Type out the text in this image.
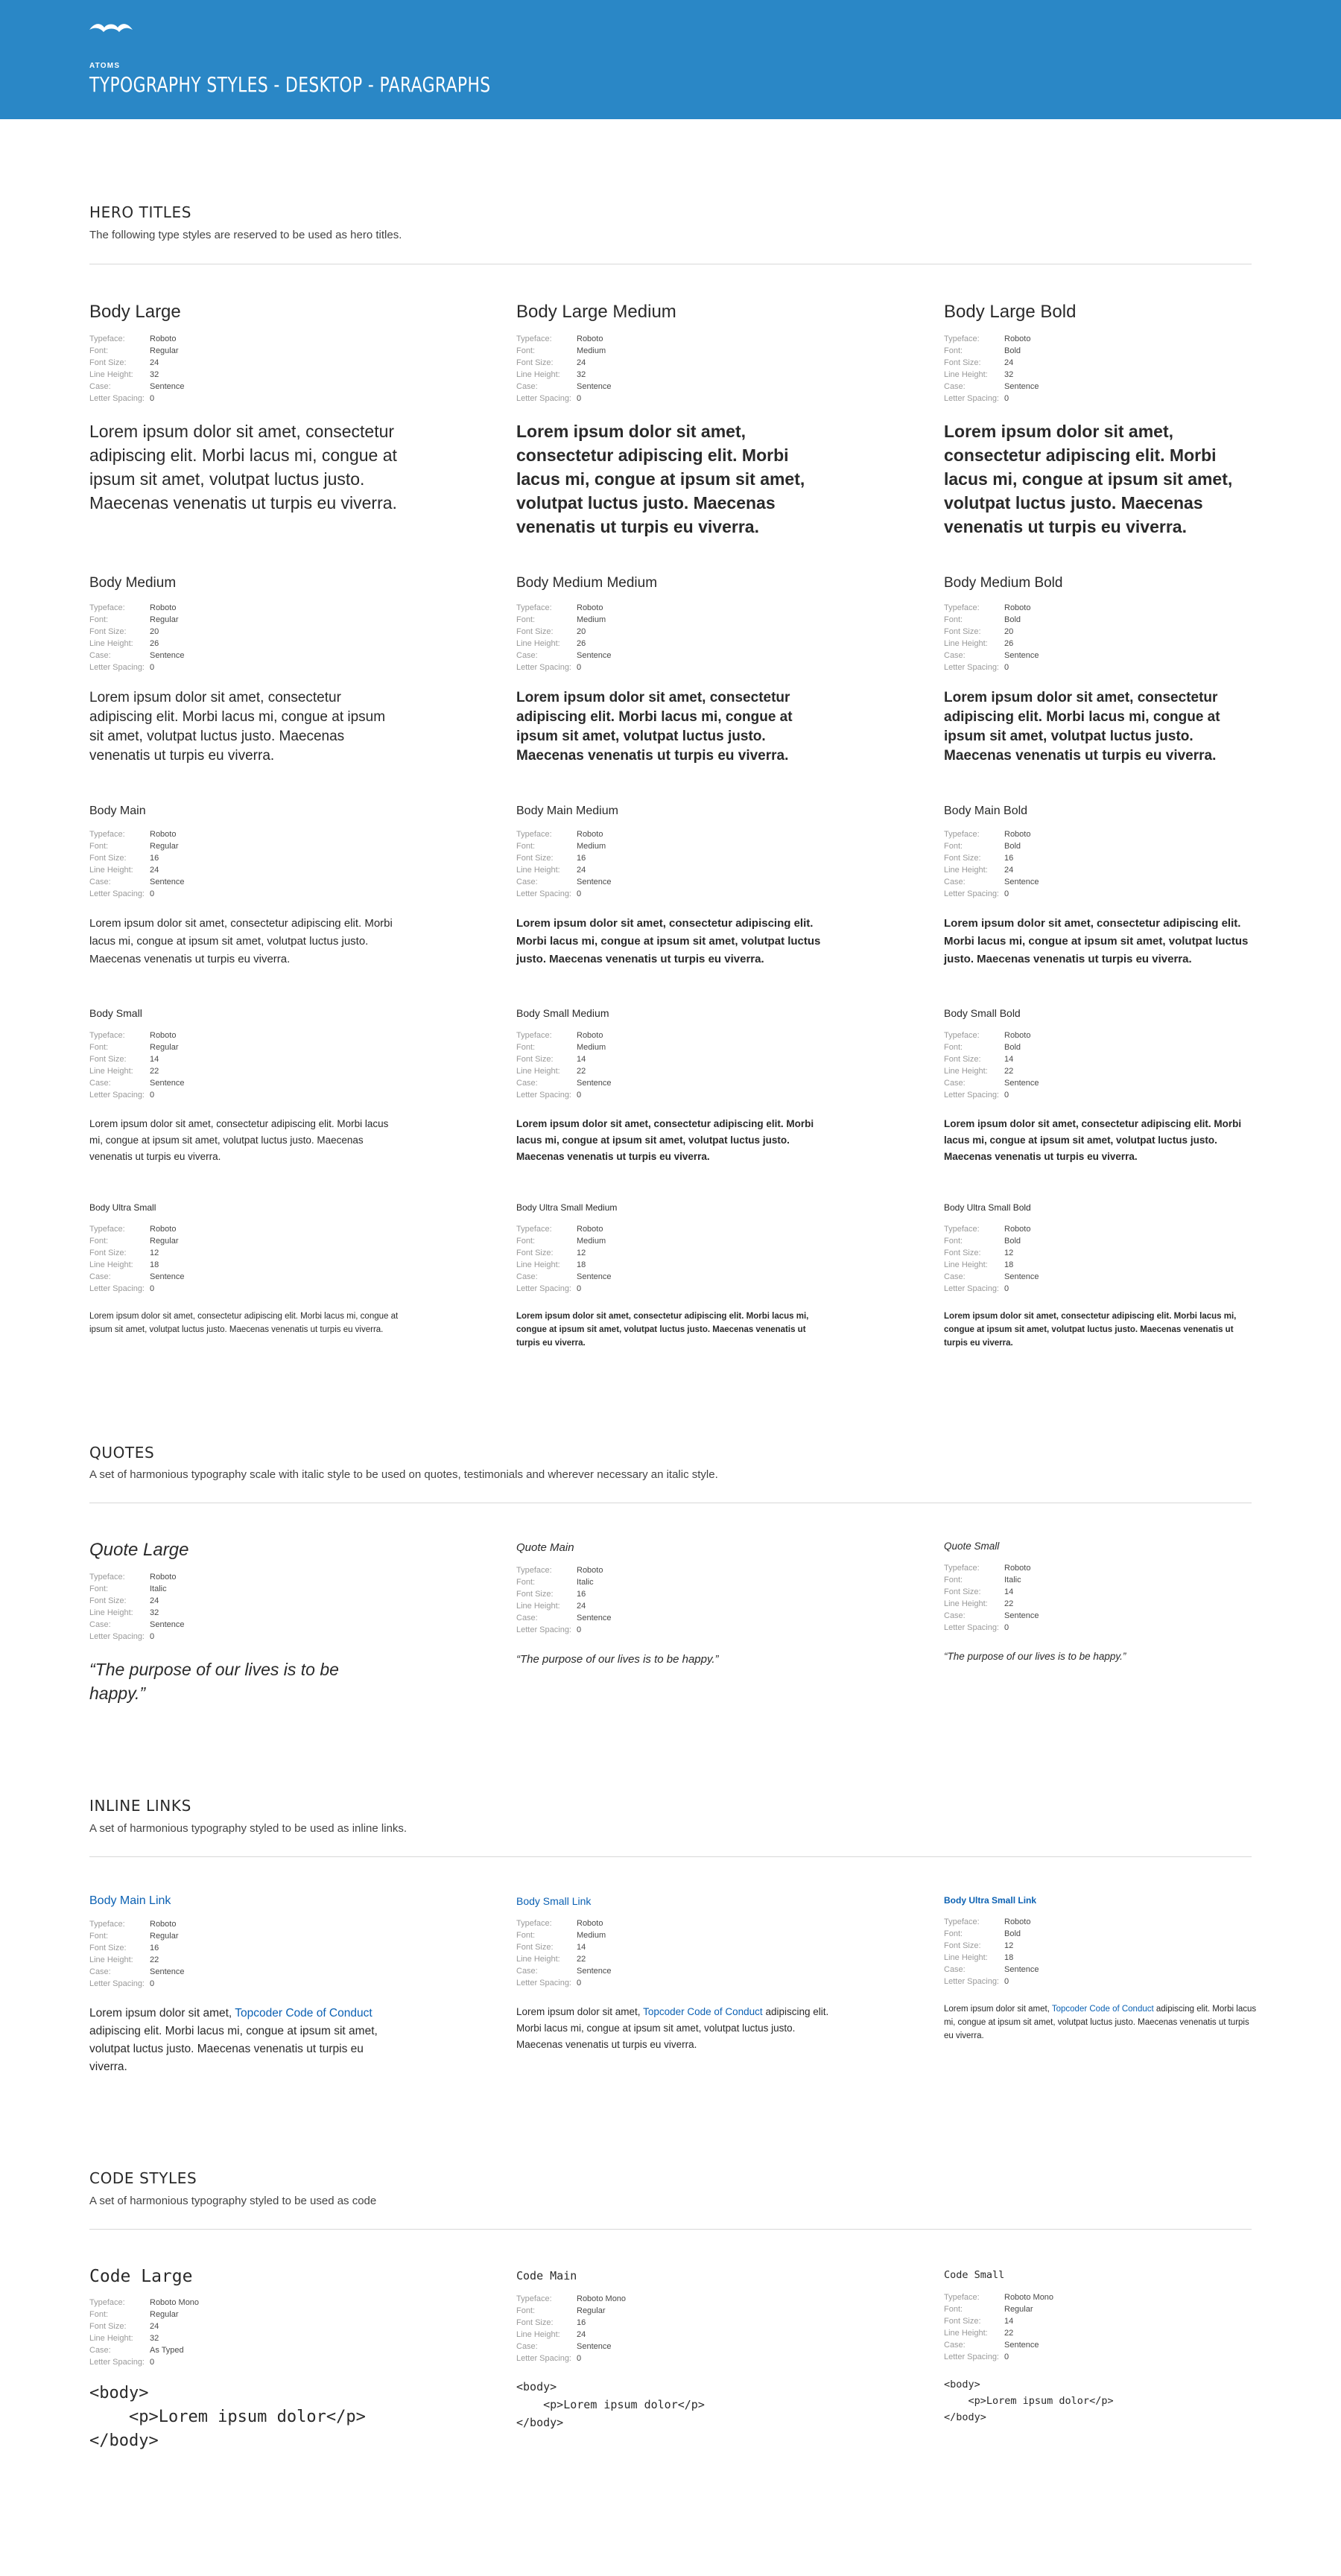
ATOMS
TYPOGRAPHY STYLES - DESKTOP - PARAGRAPHS
HERO TITLES
The following type styles are reserved to be used as hero titles.
Body Large
Typeface:	Roboto
Font:	Regular
Font Size:	24
Line Height:	32
Case:	Sentence
Letter Spacing: 0
Lorem ipsum dolor sit amet, consectetur adipiscing elit. Morbi lacus mi, congue at ipsum sit amet, volutpat luctus justo. Maecenas venenatis ut turpis eu viverra.
Body Large Medium
Typeface:	Roboto
Font:	Medium
Font Size:	24
Line Height:	32
Case:	Sentence
Letter Spacing: 0
Lorem ipsum dolor sit amet, consectetur adipiscing elit. Morbi lacus mi, congue at ipsum sit amet, volutpat luctus justo. Maecenas venenatis ut turpis eu viverra.
Body Large Bold
Typeface:	Roboto
Font:	Bold
Font Size:	24
Line Height:	32
Case:	Sentence
Letter Spacing: 0
Lorem ipsum dolor sit amet, consectetur adipiscing elit. Morbi lacus mi, congue at ipsum sit amet, volutpat luctus justo. Maecenas venenatis ut turpis eu viverra.
Body Medium
Typeface:	Roboto
Font:	Regular
Font Size:	20
Line Height:	26
Case:	Sentence
Letter Spacing: 0
Lorem ipsum dolor sit amet, consectetur adipiscing elit. Morbi lacus mi, congue at ipsum sit amet, volutpat luctus justo. Maecenas venenatis ut turpis eu viverra.
Body Medium Medium
Typeface:	Roboto
Font:	Medium
Font Size:	20
Line Height:	26
Case:	Sentence
Letter Spacing: 0
Lorem ipsum dolor sit amet, consectetur adipiscing elit. Morbi lacus mi, congue at ipsum sit amet, volutpat luctus justo. Maecenas venenatis ut turpis eu viverra.
Body Medium Bold
Typeface:	Roboto
Font:	Bold
Font Size:	20
Line Height:	26
Case:	Sentence
Letter Spacing: 0
Lorem ipsum dolor sit amet, consectetur adipiscing elit. Morbi lacus mi, congue at ipsum sit amet, volutpat luctus justo. Maecenas venenatis ut turpis eu viverra.
Body Main
Typeface:	Roboto
Font:	Regular
Font Size:	16
Line Height:	24
Case:	Sentence
Letter Spacing: 0
Lorem ipsum dolor sit amet, consectetur adipiscing elit. Morbi lacus mi, congue at ipsum sit amet, volutpat luctus justo. Maecenas venenatis ut turpis eu viverra.
Body Main Medium
Typeface:	Roboto
Font:	Medium
Font Size:	16
Line Height:	24
Case:	Sentence
Letter Spacing: 0
Lorem ipsum dolor sit amet, consectetur adipiscing elit. Morbi lacus mi, congue at ipsum sit amet, volutpat luctus justo. Maecenas venenatis ut turpis eu viverra.
Body Main Bold
Typeface:	Roboto
Font:	Bold
Font Size:	16
Line Height:	24
Case:	Sentence
Letter Spacing: 0
Lorem ipsum dolor sit amet, consectetur adipiscing elit. Morbi lacus mi, congue at ipsum sit amet, volutpat luctus justo. Maecenas venenatis ut turpis eu viverra.
Body Small
Typeface:	Roboto
Font:	Regular
Font Size:	14
Line Height:	22
Case:	Sentence
Letter Spacing: 0
Lorem ipsum dolor sit amet, consectetur adipiscing elit. Morbi lacus mi, congue at ipsum sit amet, volutpat luctus justo. Maecenas venenatis ut turpis eu viverra.
Body Small Medium
Typeface:	Roboto
Font:	Medium
Font Size:	14
Line Height:	22
Case:	Sentence
Letter Spacing: 0
Lorem ipsum dolor sit amet, consectetur adipiscing elit. Morbi lacus mi, congue at ipsum sit amet, volutpat luctus justo. Maecenas venenatis ut turpis eu viverra.
Body Small Bold
Typeface:	Roboto
Font:	Bold
Font Size:	14
Line Height:	22
Case:	Sentence
Letter Spacing: 0
Lorem ipsum dolor sit amet, consectetur adipiscing elit. Morbi lacus mi, congue at ipsum sit amet, volutpat luctus justo. Maecenas venenatis ut turpis eu viverra.
Body Ultra Small
Typeface:	Roboto
Font:	Regular
Font Size:	12
Line Height:	18
Case:	Sentence
Letter Spacing: 0
Lorem ipsum dolor sit amet, consectetur adipiscing elit. Morbi lacus mi, congue at ipsum sit amet, volutpat luctus justo. Maecenas venenatis ut turpis eu viverra.
Body Ultra Small Medium
Typeface:	Roboto
Font:	Medium
Font Size:	12
Line Height:	18
Case:	Sentence
Letter Spacing: 0
Lorem ipsum dolor sit amet, consectetur adipiscing elit. Morbi lacus mi, congue at ipsum sit amet, volutpat luctus justo. Maecenas venenatis ut turpis eu viverra.
Body Ultra Small Bold
Typeface:	Roboto
Font:	Bold
Font Size:	12
Line Height:	18
Case:	Sentence
Letter Spacing: 0
Lorem ipsum dolor sit amet, consectetur adipiscing elit. Morbi lacus mi, congue at ipsum sit amet, volutpat luctus justo. Maecenas venenatis ut turpis eu viverra.
QUOTES
A set of harmonious typography scale with italic style to be used on quotes, testimonials and wherever necessary an italic style.
Quote Large
Typeface:	Roboto
Font:	Italic
Font Size:	24
Line Height:	32
Case:	Sentence
Letter Spacing: 0
“The purpose of our lives is to be happy.”
Quote Main
Typeface:	Roboto
Font:	Italic
Font Size:	16
Line Height:	24
Case:	Sentence
Letter Spacing: 0
“The purpose of our lives is to be happy.”
Quote Small
Typeface:	Roboto
Font:	Italic
Font Size:	14
Line Height:	22
Case:	Sentence
Letter Spacing: 0
“The purpose of our lives is to be happy.”
INLINE LINKS
A set of harmonious typography styled to be used as inline links.
Body Main Link
Typeface:	Roboto
Font:	Regular
Font Size:	16
Line Height:	22
Case:	Sentence
Letter Spacing: 0
Lorem ipsum dolor sit amet, Topcoder Code of Conduct adipiscing elit. Morbi lacus mi, congue at ipsum sit amet, volutpat luctus justo. Maecenas venenatis ut turpis eu viverra.
Body Small Link
Typeface:	Roboto
Font:	Medium
Font Size:	14
Line Height:	22
Case:	Sentence
Letter Spacing: 0
Lorem ipsum dolor sit amet, Topcoder Code of Conduct adipiscing elit. Morbi lacus mi, congue at ipsum sit amet, volutpat luctus justo. Maecenas venenatis ut turpis eu viverra.
Body Ultra Small Link
Typeface:	Roboto
Font:	Bold
Font Size:	12
Line Height:	18
Case:	Sentence
Letter Spacing: 0
Lorem ipsum dolor sit amet, Topcoder Code of Conduct adipiscing elit. Morbi lacus mi, congue at ipsum sit amet, volutpat luctus justo. Maecenas venenatis ut turpis eu viverra.
CODE STYLES
A set of harmonious typography styled to be used as code
Code Large
Typeface:	Roboto Mono
Font:	Regular
Font Size:	24
Line Height:	32
Case:	As Typed
Letter Spacing: 0
<body>
<p>Lorem ipsum dolor</p>
</body>
Code Main
Typeface:	Roboto Mono
Font:	Regular
Font Size:	16
Line Height:	24
Case:	Sentence
Letter Spacing: 0
<body>
<p>Lorem ipsum dolor</p>
</body>
Code Small
Typeface:	Roboto Mono
Font:	Regular
Font Size:	14
Line Height:	22
Case:	Sentence
Letter Spacing: 0
<body>
<p>Lorem ipsum dolor</p>
</body>
